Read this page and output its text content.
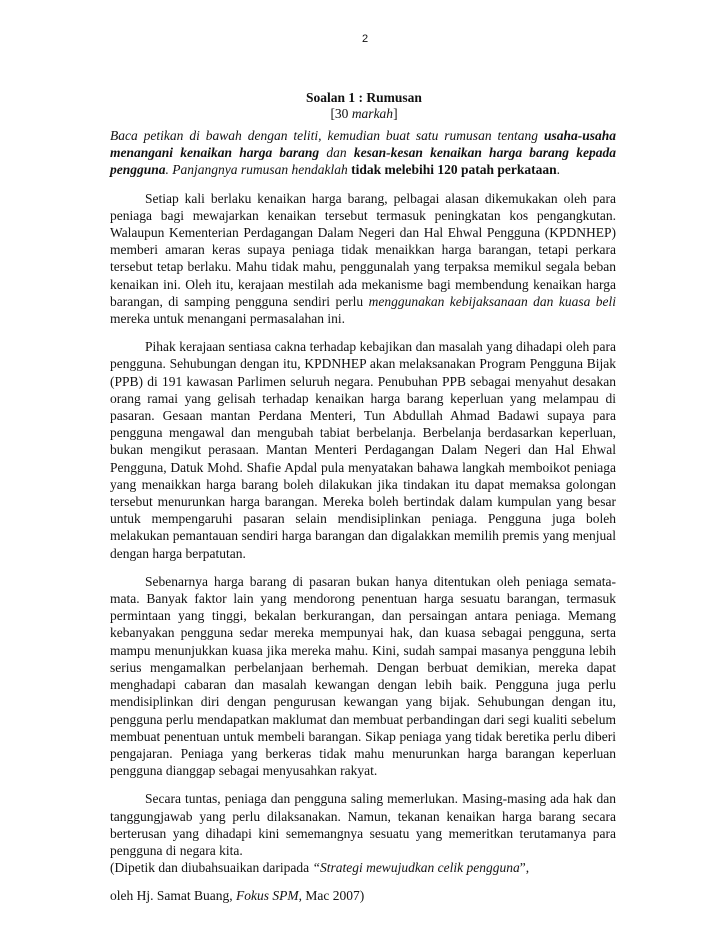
2
Soalan 1 : Rumusan
[30 markah]

Baca petikan di bawah dengan teliti, kemudian buat satu rumusan tentang usaha-usaha menangani kenaikan harga barang dan kesan-kesan kenaikan harga barang kepada pengguna. Panjangnya rumusan hendaklah tidak melebihi 120 patah perkataan.

Setiap kali berlaku kenaikan harga barang, pelbagai alasan dikemukakan oleh para peniaga bagi mewajarkan kenaikan tersebut termasuk peningkatan kos pengangkutan. Walaupun Kementerian Perdagangan Dalam Negeri dan Hal Ehwal Pengguna (KPDNHEP) memberi amaran keras supaya peniaga tidak menaikkan harga barangan, tetapi perkara tersebut tetap berlaku. Mahu tidak mahu, penggunalah yang terpaksa memikul segala beban kenaikan ini. Oleh itu, kerajaan mestilah ada mekanisme bagi membendung kenaikan harga barangan, di samping pengguna sendiri perlu menggunakan kebijaksanaan dan kuasa beli mereka untuk menangani permasalahan ini.

Pihak kerajaan sentiasa cakna terhadap kebajikan dan masalah yang dihadapi oleh para pengguna. Sehubungan dengan itu, KPDNHEP akan melaksanakan Program Pengguna Bijak (PPB) di 191 kawasan Parlimen seluruh negara. Penubuhan PPB sebagai menyahut desakan orang ramai yang gelisah terhadap kenaikan harga barang keperluan yang melampau di pasaran. Gesaan mantan Perdana Menteri, Tun Abdullah Ahmad Badawi supaya para pengguna mengawal dan mengubah tabiat berbelanja. Berbelanja berdasarkan keperluan, bukan mengikut perasaan. Mantan Menteri Perdagangan Dalam Negeri dan Hal Ehwal Pengguna, Datuk Mohd. Shafie Apdal pula menyatakan bahawa langkah memboikot peniaga yang menaikkan harga barang boleh dilakukan jika tindakan itu dapat memaksa golongan tersebut menurunkan harga barangan. Mereka boleh bertindak dalam kumpulan yang besar untuk mempengaruhi pasaran selain mendisiplinkan peniaga. Pengguna juga boleh melakukan pemantauan sendiri harga barangan dan digalakkan memilih premis yang menjual dengan harga berpatutan.

Sebenarnya harga barang di pasaran bukan hanya ditentukan oleh peniaga semata-mata. Banyak faktor lain yang mendorong penentuan harga sesuatu barangan, termasuk permintaan yang tinggi, bekalan berkurangan, dan persaingan antara peniaga. Memang kebanyakan pengguna sedar mereka mempunyai hak, dan kuasa sebagai pengguna, serta mampu menunjukkan kuasa jika mereka mahu. Kini, sudah sampai masanya pengguna lebih serius mengamalkan perbelanjaan berhemah. Dengan berbuat demikian, mereka dapat menghadapi cabaran dan masalah kewangan dengan lebih baik. Pengguna juga perlu mendisiplinkan diri dengan pengurusan kewangan yang bijak. Sehubungan dengan itu, pengguna perlu mendapatkan maklumat dan membuat perbandingan dari segi kualiti sebelum membuat penentuan untuk membeli barangan. Sikap peniaga yang tidak beretika perlu diberi pengajaran. Peniaga yang berkeras tidak mahu menurunkan harga barangan keperluan pengguna dianggap sebagai menyusahkan rakyat.

Secara tuntas, peniaga dan pengguna saling memerlukan. Masing-masing ada hak dan tanggungjawab yang perlu dilaksanakan. Namun, tekanan kenaikan harga barang secara berterusan yang dihadapi kini sememangnya sesuatu yang memeritkan terutamanya para pengguna di negara kita.

(Dipetik dan diubahsuaikan daripada “Strategi mewujudkan celik pengguna”,

oleh Hj. Samat Buang, Fokus SPM, Mac 2007)
